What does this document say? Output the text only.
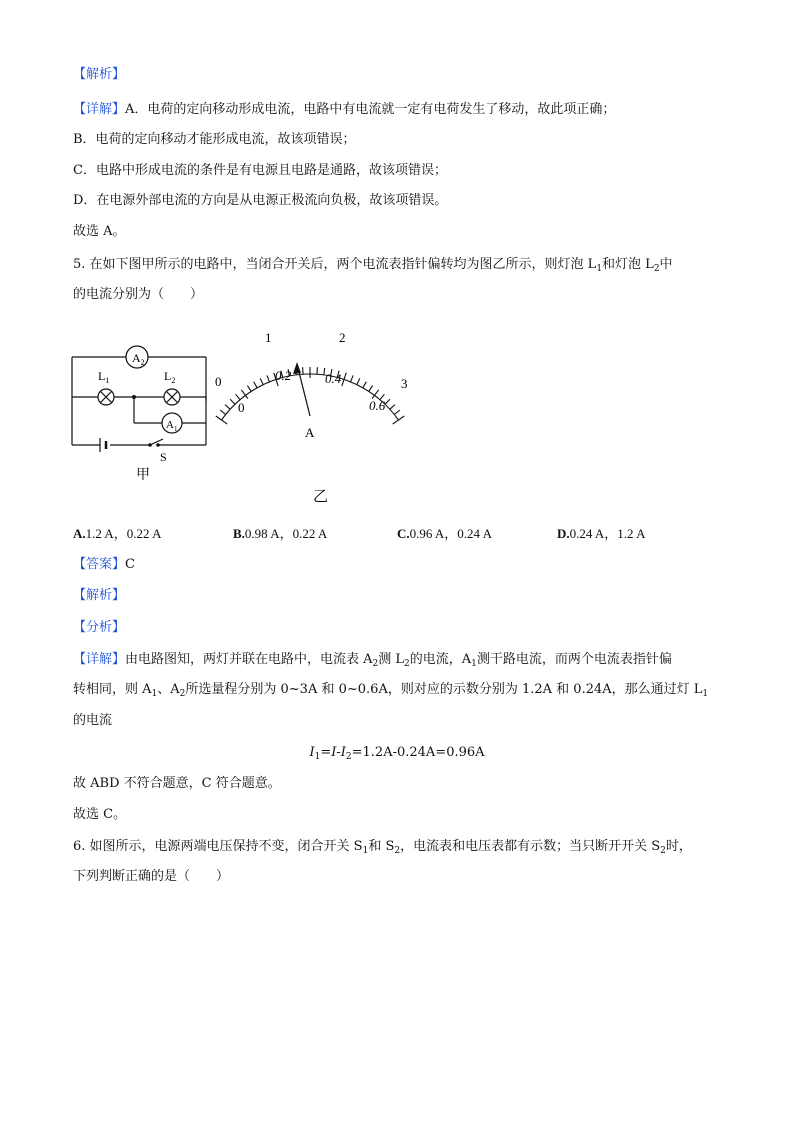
【解析】
【详解】A．电荷的定向移动形成电流，电路中有电流就一定有电荷发生了移动，故此项正确；
B．电荷的定向移动才能形成电流，故该项错误；
C．电路中形成电流的条件是有电源且电路是通路，故该项错误；
D．在电源外部电流的方向是从电源正极流向负极，故该项错误。
故选 A。
5. 在如下图甲所示的电路中，当闭合开关后，两个电流表指针偏转均为图乙所示，则灯泡 $L_1$和灯泡 $L_2$中
的电流分别为（　　）
$A_2$
$L_1$	$L_2$
$A_1$
S
甲
0
1	2
3
0
0.2	0.4
0.6
A
乙
A.1.2 A，0.22 A	B.0.98 A，0.22 A	C.0.96 A，0.24 A	D.0.24 A，1.2 A
【答案】C
【解析】
【分析】
【详解】由电路图知，两灯并联在电路中，电流表 $A_2$测 $L_2$的电流，$A_1$测干路电流，而两个电流表指针偏
转相同，则 $A_1$、$A_2$所选量程分别为 0~3A 和 0~0.6A，则对应的示数分别为 1.2A 和 0.24A，那么通过灯 $L_1$
的电流
$I_1=I-I_2=1.2A-0.24A=0.96A$
故 ABD 不符合题意，C 符合题意。
故选 C。
6. 如图所示，电源两端电压保持不变，闭合开关 $S_1$和 $S_2$，电流表和电压表都有示数；当只断开开关 $S_2$时，
下列判断正确的是（　　）
